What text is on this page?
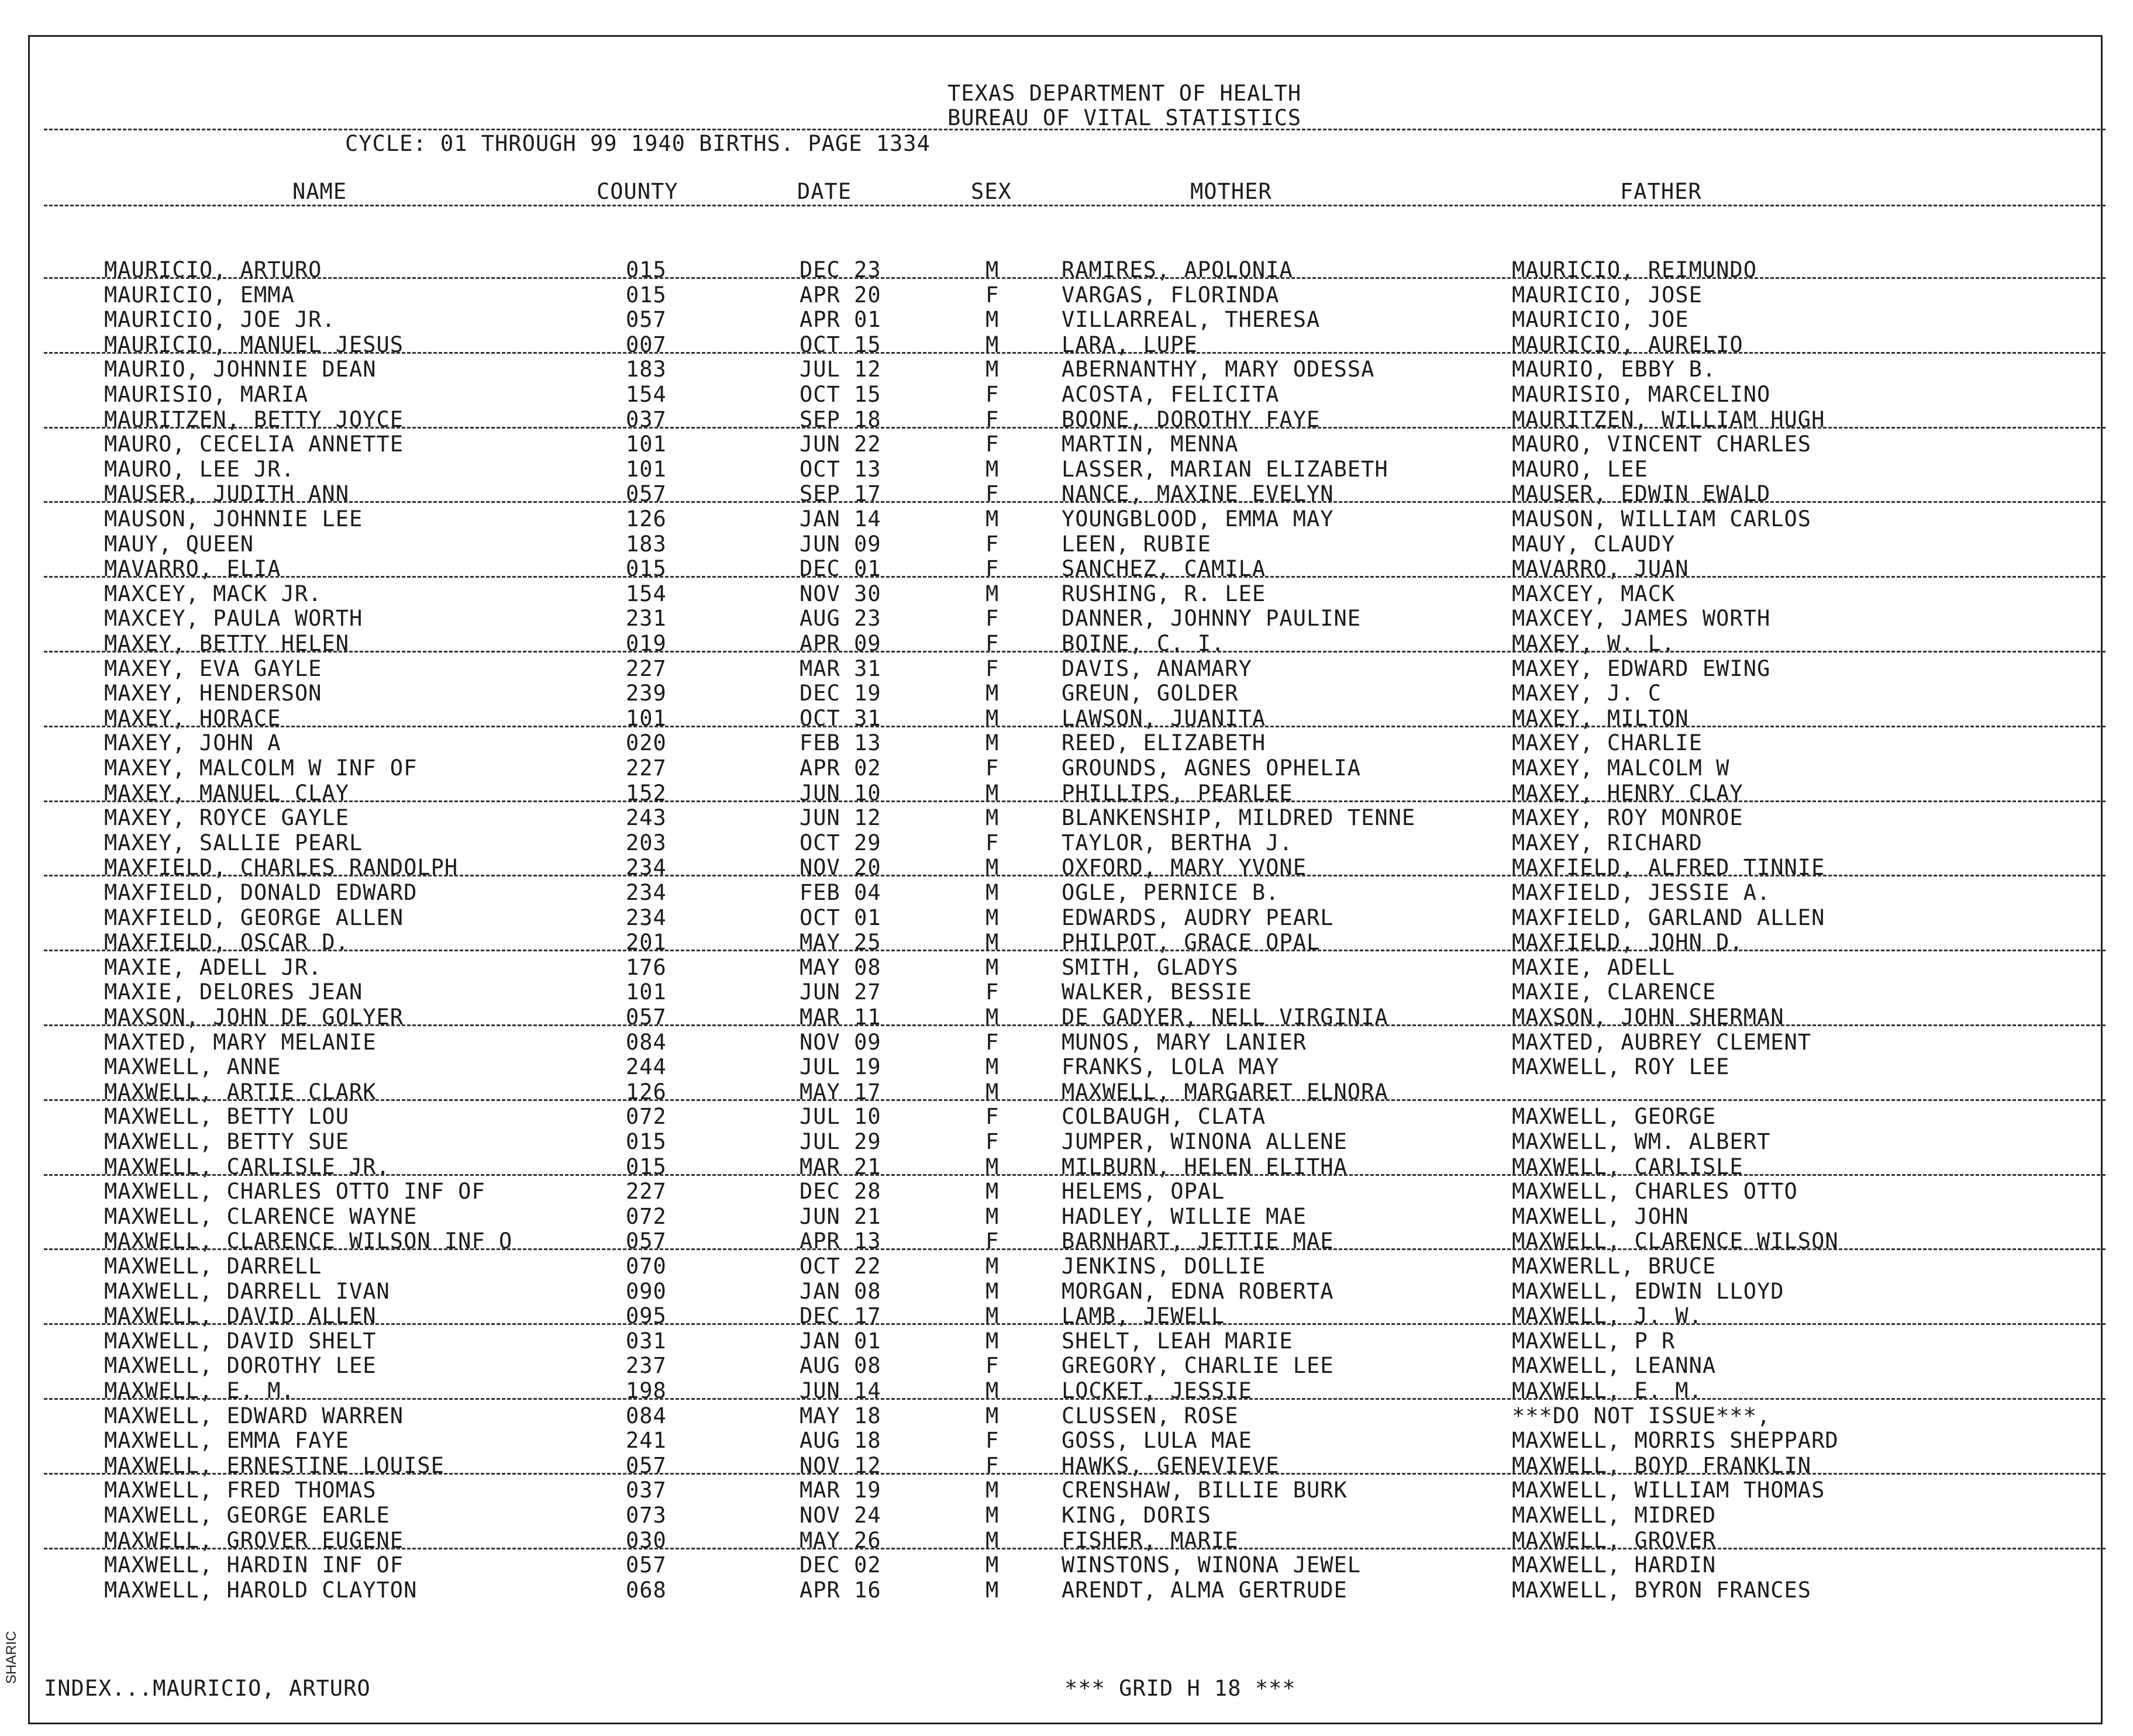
SHARIC
TEXAS DEPARTMENT OF HEALTH
BUREAU OF VITAL STATISTICS
CYCLE: 01 THROUGH 99 1940 BIRTHS. PAGE 1334
NAME	COUNTY	DATE	SEX	MOTHER	FATHER
MAURICIO, ARTURO	015	DEC 23	M	RAMIRES, APOLONIA	MAURICIO, REIMUNDO
MAURICIO, EMMA	015	APR 20	F	VARGAS, FLORINDA	MAURICIO, JOSE
MAURICIO, JOE JR.	057	APR 01	M	VILLARREAL, THERESA	MAURICIO, JOE
MAURICIO, MANUEL JESUS	007	OCT 15	M	LARA, LUPE	MAURICIO, AURELIO
MAURIO, JOHNNIE DEAN	183	JUL 12	M	ABERNANTHY, MARY ODESSA	MAURIO, EBBY B.
MAURISIO, MARIA	154	OCT 15	F	ACOSTA, FELICITA	MAURISIO, MARCELINO
MAURITZEN, BETTY JOYCE	037	SEP 18	F	BOONE, DOROTHY FAYE	MAURITZEN, WILLIAM HUGH
MAURO, CECELIA ANNETTE	101	JUN 22	F	MARTIN, MENNA	MAURO, VINCENT CHARLES
MAURO, LEE JR.	101	OCT 13	M	LASSER, MARIAN ELIZABETH	MAURO, LEE
MAUSER, JUDITH ANN	057	SEP 17	F	NANCE, MAXINE EVELYN	MAUSER, EDWIN EWALD
MAUSON, JOHNNIE LEE	126	JAN 14	M	YOUNGBLOOD, EMMA MAY	MAUSON, WILLIAM CARLOS
MAUY, QUEEN	183	JUN 09	F	LEEN, RUBIE	MAUY, CLAUDY
MAVARRO, ELIA	015	DEC 01	F	SANCHEZ, CAMILA	MAVARRO, JUAN
MAXCEY, MACK JR.	154	NOV 30	M	RUSHING, R. LEE	MAXCEY, MACK
MAXCEY, PAULA WORTH	231	AUG 23	F	DANNER, JOHNNY PAULINE	MAXCEY, JAMES WORTH
MAXEY, BETTY HELEN	019	APR 09	F	BOINE, C. I.	MAXEY, W. L.
MAXEY, EVA GAYLE	227	MAR 31	F	DAVIS, ANAMARY	MAXEY, EDWARD EWING
MAXEY, HENDERSON	239	DEC 19	M	GREUN, GOLDER	MAXEY, J. C
MAXEY, HORACE	101	OCT 31	M	LAWSON, JUANITA	MAXEY, MILTON
MAXEY, JOHN A	020	FEB 13	M	REED, ELIZABETH	MAXEY, CHARLIE
MAXEY, MALCOLM W INF OF	227	APR 02	F	GROUNDS, AGNES OPHELIA	MAXEY, MALCOLM W
MAXEY, MANUEL CLAY	152	JUN 10	M	PHILLIPS, PEARLEE	MAXEY, HENRY CLAY
MAXEY, ROYCE GAYLE	243	JUN 12	M	BLANKENSHIP, MILDRED TENNE	MAXEY, ROY MONROE
MAXEY, SALLIE PEARL	203	OCT 29	F	TAYLOR, BERTHA J.	MAXEY, RICHARD
MAXFIELD, CHARLES RANDOLPH	234	NOV 20	M	OXFORD, MARY YVONE	MAXFIELD, ALFRED TINNIE
MAXFIELD, DONALD EDWARD	234	FEB 04	M	OGLE, PERNICE B.	MAXFIELD, JESSIE A.
MAXFIELD, GEORGE ALLEN	234	OCT 01	M	EDWARDS, AUDRY PEARL	MAXFIELD, GARLAND ALLEN
MAXFIELD, OSCAR D.	201	MAY 25	M	PHILPOT, GRACE OPAL	MAXFIELD, JOHN D.
MAXIE, ADELL JR.	176	MAY 08	M	SMITH, GLADYS	MAXIE, ADELL
MAXIE, DELORES JEAN	101	JUN 27	F	WALKER, BESSIE	MAXIE, CLARENCE
MAXSON, JOHN DE GOLYER	057	MAR 11	M	DE GADYER, NELL VIRGINIA	MAXSON, JOHN SHERMAN
MAXTED, MARY MELANIE	084	NOV 09	F	MUNOS, MARY LANIER	MAXTED, AUBREY CLEMENT
MAXWELL, ANNE	244	JUL 19	M	FRANKS, LOLA MAY	MAXWELL, ROY LEE
MAXWELL, ARTIE CLARK	126	MAY 17	M	MAXWELL, MARGARET ELNORA
MAXWELL, BETTY LOU	072	JUL 10	F	COLBAUGH, CLATA	MAXWELL, GEORGE
MAXWELL, BETTY SUE	015	JUL 29	F	JUMPER, WINONA ALLENE	MAXWELL, WM. ALBERT
MAXWELL, CARLISLE JR.	015	MAR 21	M	MILBURN, HELEN ELITHA	MAXWELL, CARLISLE
MAXWELL, CHARLES OTTO INF OF	227	DEC 28	M	HELEMS, OPAL	MAXWELL, CHARLES OTTO
MAXWELL, CLARENCE WAYNE	072	JUN 21	M	HADLEY, WILLIE MAE	MAXWELL, JOHN
MAXWELL, CLARENCE WILSON INF O	057	APR 13	F	BARNHART, JETTIE MAE	MAXWELL, CLARENCE WILSON
MAXWELL, DARRELL	070	OCT 22	M	JENKINS, DOLLIE	MAXWERLL, BRUCE
MAXWELL, DARRELL IVAN	090	JAN 08	M	MORGAN, EDNA ROBERTA	MAXWELL, EDWIN LLOYD
MAXWELL, DAVID ALLEN	095	DEC 17	M	LAMB, JEWELL	MAXWELL, J. W.
MAXWELL, DAVID SHELT	031	JAN 01	M	SHELT, LEAH MARIE	MAXWELL, P R
MAXWELL, DOROTHY LEE	237	AUG 08	F	GREGORY, CHARLIE LEE	MAXWELL, LEANNA
MAXWELL, E. M.	198	JUN 14	M	LOCKET, JESSIE	MAXWELL, E. M.
MAXWELL, EDWARD WARREN	084	MAY 18	M	CLUSSEN, ROSE	***DO NOT ISSUE***,
MAXWELL, EMMA FAYE	241	AUG 18	F	GOSS, LULA MAE	MAXWELL, MORRIS SHEPPARD
MAXWELL, ERNESTINE LOUISE	057	NOV 12	F	HAWKS, GENEVIEVE	MAXWELL, BOYD FRANKLIN
MAXWELL, FRED THOMAS	037	MAR 19	M	CRENSHAW, BILLIE BURK	MAXWELL, WILLIAM THOMAS
MAXWELL, GEORGE EARLE	073	NOV 24	M	KING, DORIS	MAXWELL, MIDRED
MAXWELL, GROVER EUGENE	030	MAY 26	M	FISHER, MARIE	MAXWELL, GROVER
MAXWELL, HARDIN INF OF	057	DEC 02	M	WINSTONS, WINONA JEWEL	MAXWELL, HARDIN
MAXWELL, HAROLD CLAYTON	068	APR 16	M	ARENDT, ALMA GERTRUDE	MAXWELL, BYRON FRANCES
INDEX...MAURICIO, ARTURO	*** GRID H 18 ***
